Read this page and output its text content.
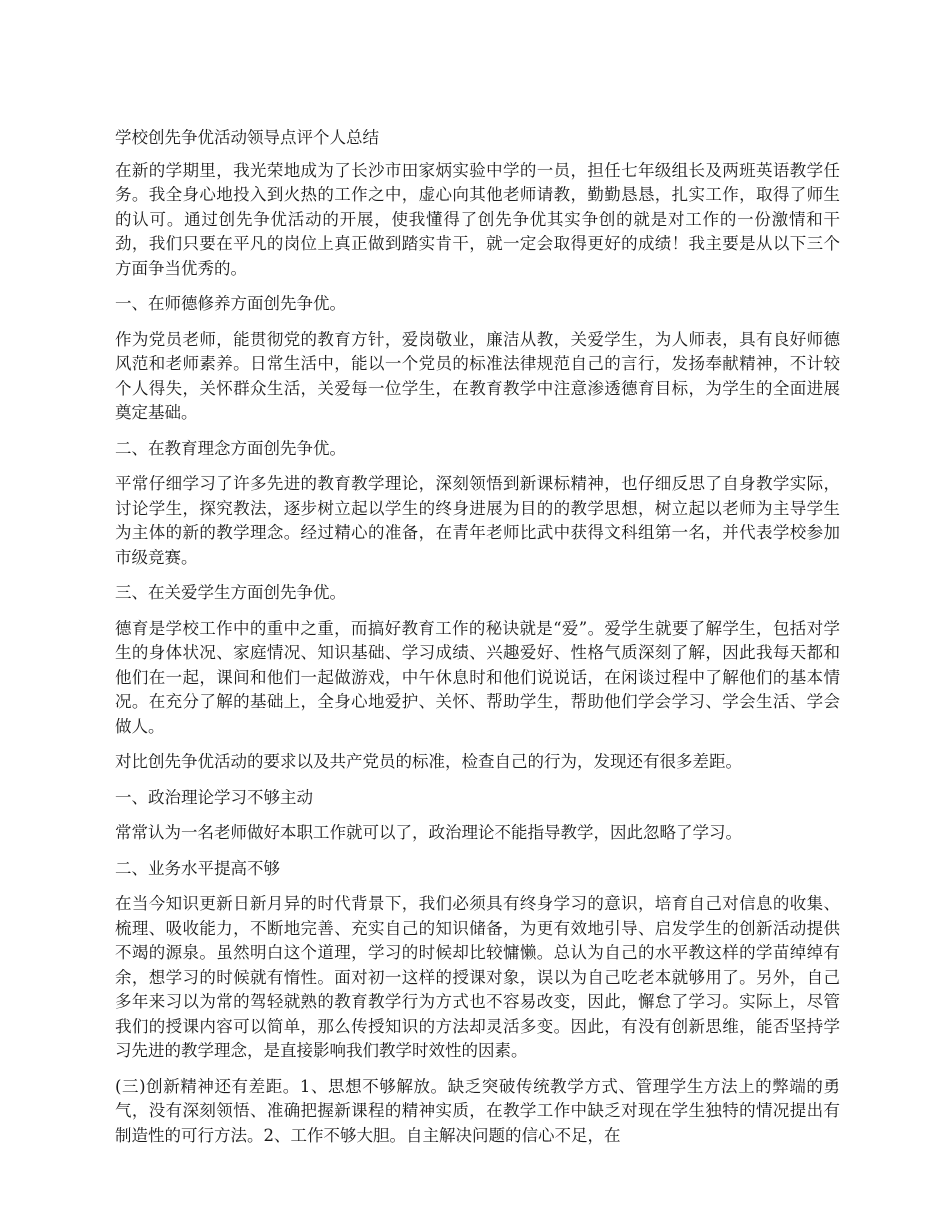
学校创先争优活动领导点评个人总结

在新的学期里，我光荣地成为了长沙市田家炳实验中学的一员，担任七年级组长及两班英语教学任务。我全身心地投入到火热的工作之中，虚心向其他老师请教，勤勤恳恳，扎实工作，取得了师生的认可。通过创先争优活动的开展，使我懂得了创先争优其实争创的就是对工作的一份激情和干劲，我们只要在平凡的岗位上真正做到踏实肯干，就一定会取得更好的成绩！我主要是从以下三个方面争当优秀的。

一、在师德修养方面创先争优。

作为党员老师，能贯彻党的教育方针，爱岗敬业，廉洁从教，关爱学生，为人师表，具有良好师德风范和老师素养。日常生活中，能以一个党员的标准法律规范自己的言行，发扬奉献精神，不计较个人得失，关怀群众生活，关爱每一位学生，在教育教学中注意渗透德育目标，为学生的全面进展奠定基础。

二、在教育理念方面创先争优。

平常仔细学习了许多先进的教育教学理论，深刻领悟到新课标精神，也仔细反思了自身教学实际，讨论学生，探究教法，逐步树立起以学生的终身进展为目的的教学思想，树立起以老师为主导学生为主体的新的教学理念。经过精心的准备，在青年老师比武中获得文科组第一名，并代表学校参加市级竞赛。

三、在关爱学生方面创先争优。

德育是学校工作中的重中之重，而搞好教育工作的秘诀就是“爱”。爱学生就要了解学生，包括对学生的身体状况、家庭情况、知识基础、学习成绩、兴趣爱好、性格气质深刻了解，因此我每天都和他们在一起，课间和他们一起做游戏，中午休息时和他们说说话，在闲谈过程中了解他们的基本情况。在充分了解的基础上，全身心地爱护、关怀、帮助学生，帮助他们学会学习、学会生活、学会做人。

对比创先争优活动的要求以及共产党员的标准，检查自己的行为，发现还有很多差距。

一、政治理论学习不够主动

常常认为一名老师做好本职工作就可以了，政治理论不能指导教学，因此忽略了学习。

二、业务水平提高不够

在当今知识更新日新月异的时代背景下，我们必须具有终身学习的意识，培育自己对信息的收集、梳理、吸收能力，不断地完善、充实自己的知识储备，为更有效地引导、启发学生的创新活动提供不竭的源泉。虽然明白这个道理，学习的时候却比较慵懒。总认为自己的水平教这样的学苗绰绰有余，想学习的时候就有惰性。面对初一这样的授课对象，误以为自己吃老本就够用了。另外，自己多年来习以为常的驾轻就熟的教育教学行为方式也不容易改变，因此，懈怠了学习。实际上，尽管我们的授课内容可以简单，那么传授知识的方法却灵活多变。因此，有没有创新思维，能否坚持学习先进的教学理念，是直接影响我们教学时效性的因素。

(三)创新精神还有差距。1、思想不够解放。缺乏突破传统教学方式、管理学生方法上的弊端的勇气，没有深刻领悟、准确把握新课程的精神实质，在教学工作中缺乏对现在学生独特的情况提出有制造性的可行方法。2、工作不够大胆。自主解决问题的信心不足，在
